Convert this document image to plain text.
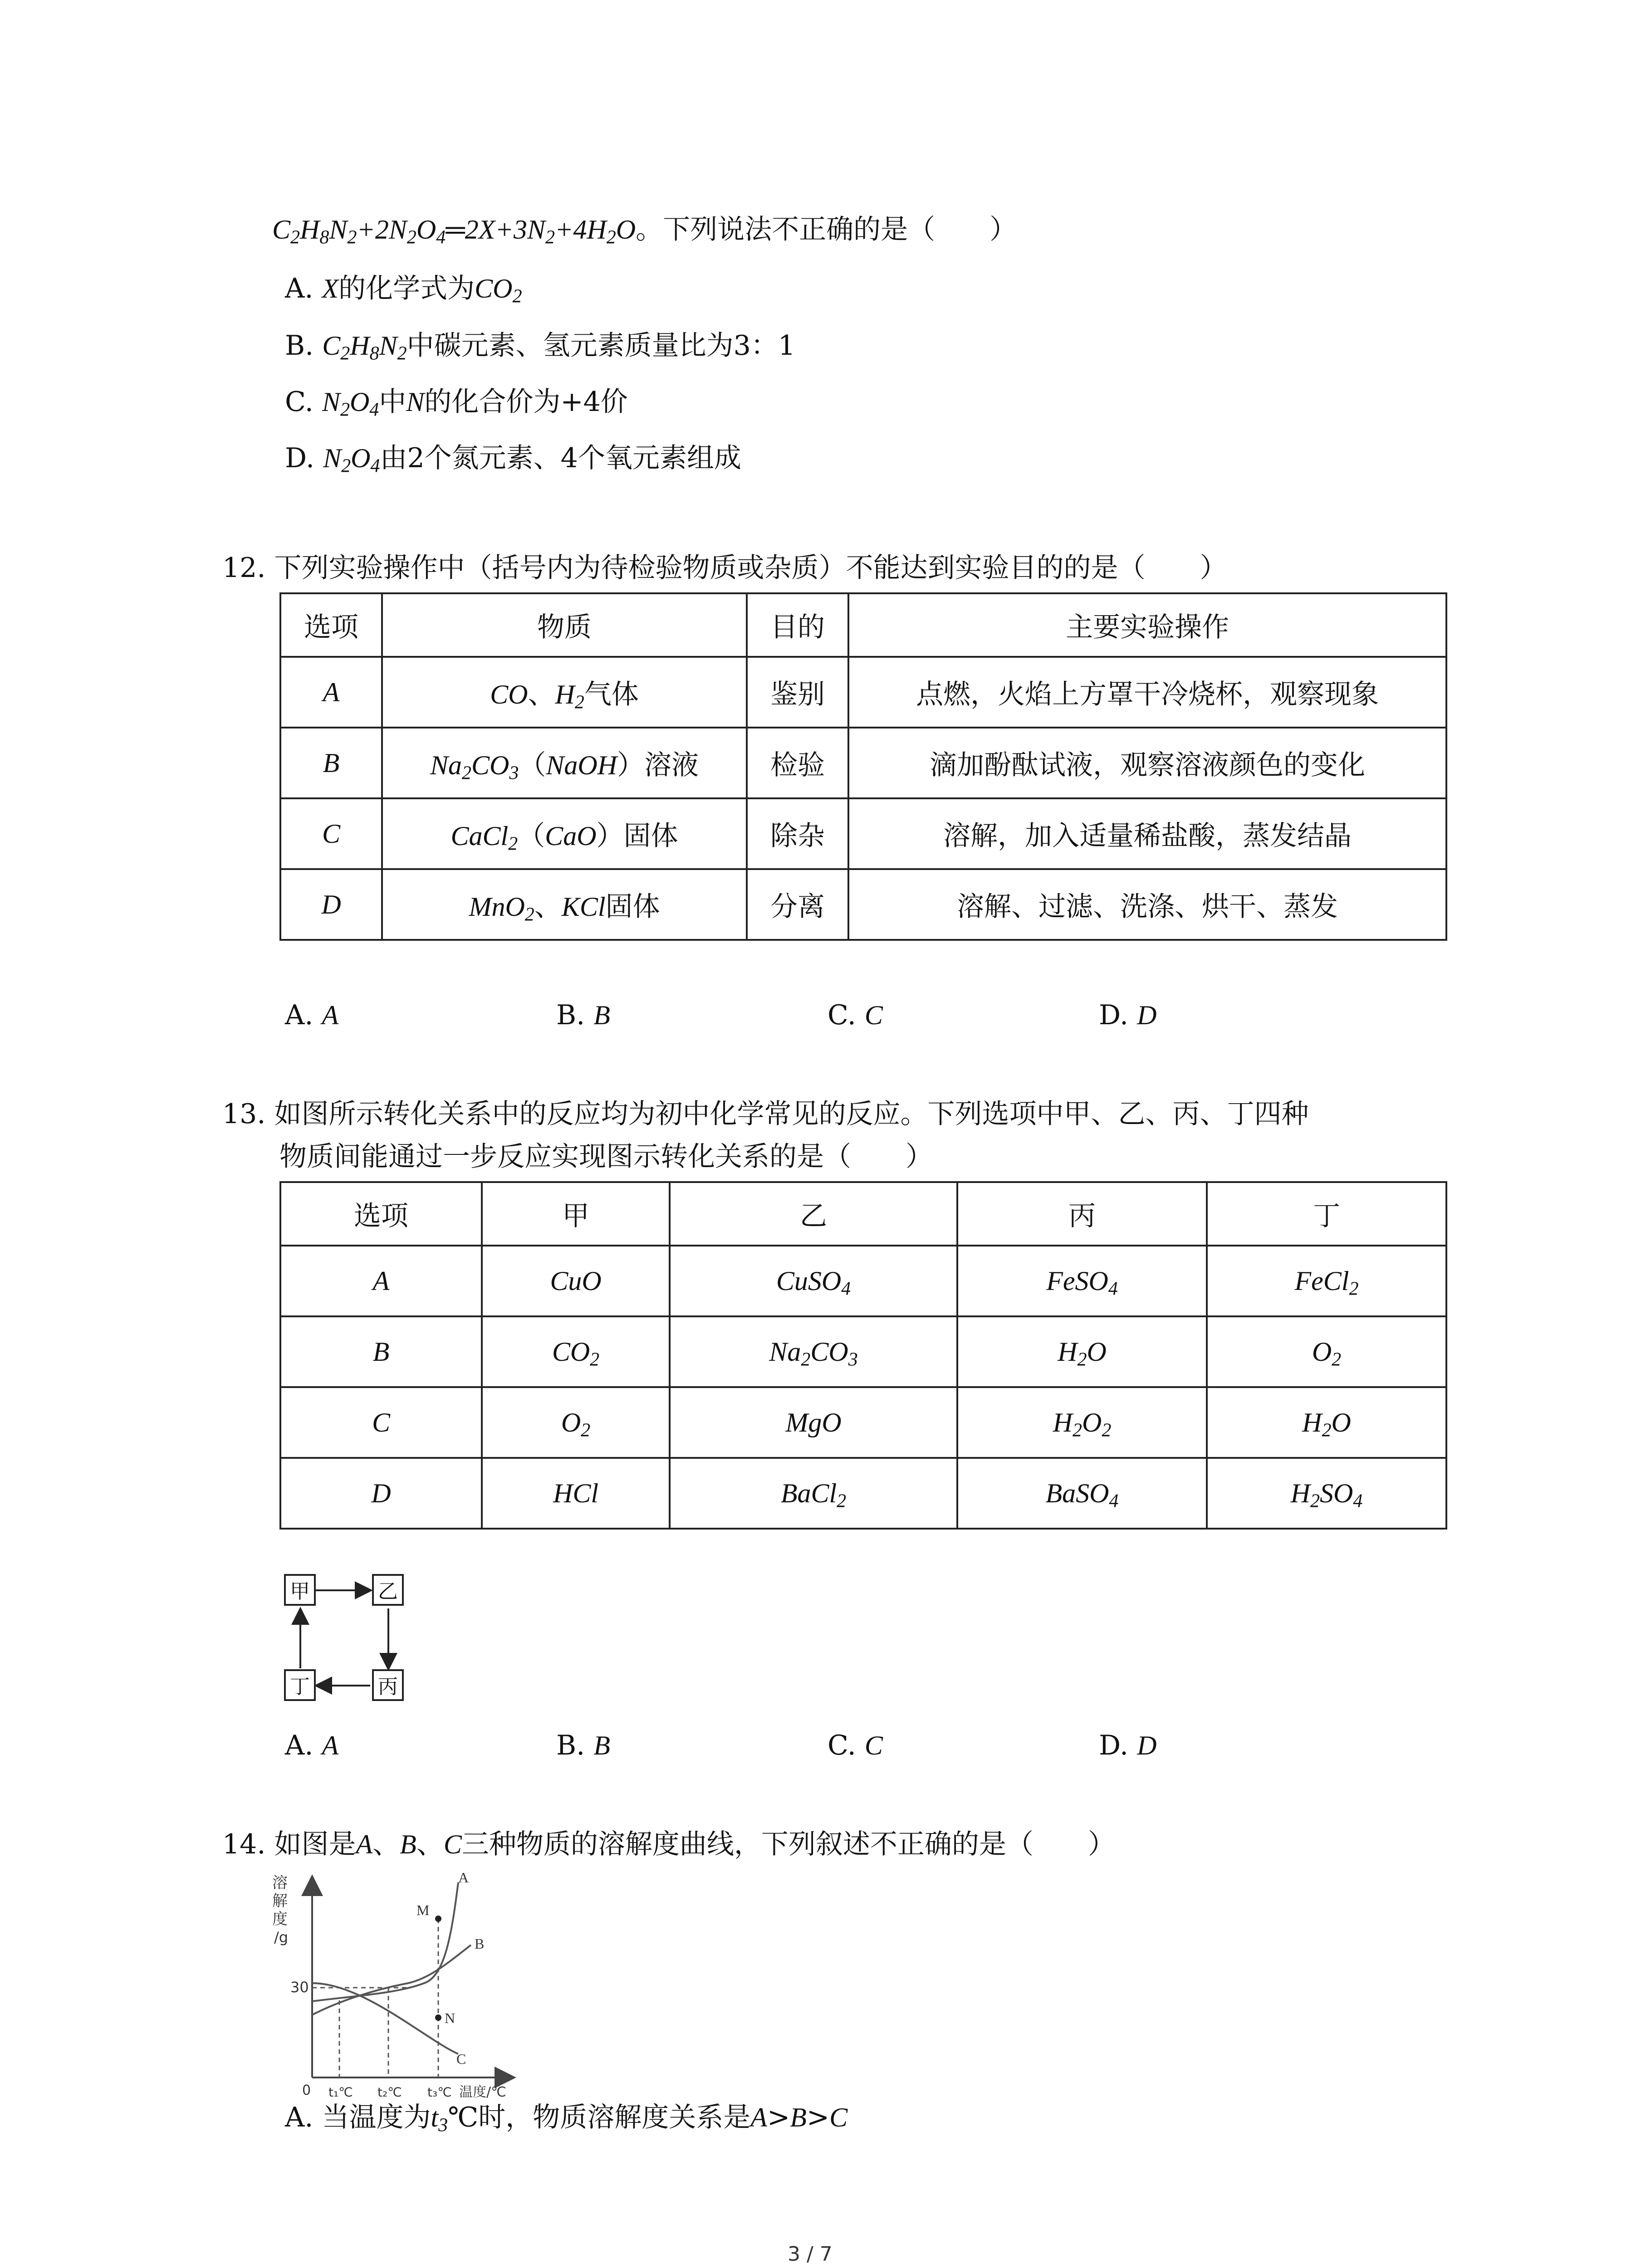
$C_2H_8N_2+2N_2O_4═2X+3N_2+4H_2O$。下列说法不正确的是（　　）
A. X的化学式为$CO_2$
B. $C_2H_8N_2$中碳元素、氢元素质量比为3：1
C. $N_2O_4$中N的化合价为+4价
D. $N_2O_4$由2个氮元素、4个氧元素组成
12. 下列实验操作中（括号内为待检验物质或杂质）不能达到实验目的的是（　　）
选项	物质	目的	主要实验操作
A	CO、$H_2$气体	鉴别	点燃，火焰上方罩干冷烧杯，观察现象
B	$Na_2CO_3(NaOH)$溶液	检验	滴加酚酞试液，观察溶液颜色的变化
C	CaCl$_2$（CaO）固体	除杂	溶解，加入适量稀盐酸，蒸发结晶
D	MnO$_2$、KCl固体	分离	溶解、过滤、洗涤、烘干、蒸发
A. A	B. B	C. C	D. D
13. 如图所示转化关系中的反应均为初中化学常见的反应。下列选项中甲、乙、丙、丁四种
物质间能通过一步反应实现图示转化关系的是（　　）
选项	甲	乙	丙	丁
A	CuO	CuSO$_4$	FeSO$_4$	FeCl$_2$
B	$CO_2$	$Na_2CO_3$	$H_2O$	$O_2$
C	$O_2$	MgO	$H_2O_2$	$H_2O$
D	HCl	BaCl$_2$	BaSO$_4$	$H_2SO_4$
甲	乙
丁	丙
A. A	B. B	C. C	D. D
14. 如图是A、B、C三种物质的溶解度曲线，下列叙述不正确的是（　　）
溶
解
度
/g
30
0 t₁℃ t₂℃ t₃℃ 温度/℃
A
B
C
M
N
A. 当温度为$t_3℃$时，物质溶解度关系是A>B>C
3 / 7
